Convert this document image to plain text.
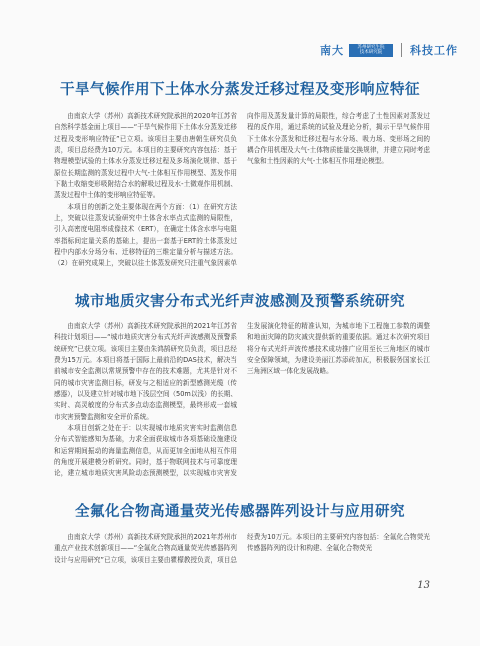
南大	苏州研究生院
技术研究院	科技工作
干旱气候作用下土体水分蒸发迁移过程及变形响应特征

由南京大学（苏州）高新技术研究院承担的2020年江苏省自然科学基金面上项目——“干旱气候作用下土体水分蒸发迁移过程及变形响应特征”已立项。该项目主要由唐朝生研究员负责，项目总经费为10万元。本项目的主要研究内容包括：基于物理模型试验的土体水分蒸发迁移过程及多场演化规律、基于原位长期监测的蒸发过程中大气-土体相互作用模型、蒸发作用下黏土收缩变形吸附结合水的解吸过程及水-土微观作用机制、蒸发过程中土体的变形响应特征等。

本项目的创新之处主要体现在两个方面：（1）在研究方法上，突破以往蒸发试验研究中土体含水率点式监测的局限性，引入高密度电阻率成像技术（ERT），在确定土体含水率与电阻率指标间定量关系的基础上，提出一套基于ERT的土体蒸发过程中内部水分场分布、迁移特征的三维定量分析与描述方法。（2）在研究成果上，突破以往土体蒸发研究只注重气象因素单向作用及蒸发量计算的局限性，综合考虑了土性因素对蒸发过程的反作用，通过系统的试验及理论分析，揭示干旱气候作用下土体水分蒸发和迁移过程与水分场、吸力场、变形场之间的耦合作用机理及大气-土体物质能量交换规律，并建立同时考虑气象和土性因素的大气-土体相互作用理论模型。

城市地质灾害分布式光纤声波感测及预警系统研究

由南京大学（苏州）高新技术研究院承担的2021年江苏省科技计划项目——“城市地质灾害分布式光纤声波感测及预警系统研究”已获立项。该项目主要由朱鸿鹄研究员负责，项目总经费为15万元。本项目将基于国际上最前沿的DAS技术，解决当前城市安全监测以常规预警中存在的技术难题，尤其是针对不同的城市灾害监测目标，研发与之相适应的新型感测光缆（传感器），以及建立针对城市地下浅层空间（50m以浅）的长期、实时、高灵敏度的分布式多点动态监测模型，最终形成一套城市灾害预警监测和安全评价系统。

本项目创新之处在于：以实现城市地质灾害实时监测信息分布式智能感知为基础，力求全面获取城市各项基础设施建设和运营期间振动的海量监测信息，从而更加全面地从相互作用的角度开展建模分析研究。同时，基于物联网技术与可靠度理论，建立城市地质灾害风险动态预测模型，以实现城市灾害发生发展演化特征的精准认知，为城市地下工程施工参数的调整和地面灾障的防灾减灾提供新的重要依据。通过本次研究项目将分布式光纤声波传感技术成功推广应用至长三角地区的城市安全保障领域，为建设美丽江苏添砖加瓦，积极服务国家长江三角洲区域一体化发展战略。

全氟化合物高通量荧光传感器阵列设计与应用研究

由南京大学（苏州）高新技术研究院承担的2021年苏州市重点产业技术创新项目——“全氟化合物高通量荧光传感器阵列设计与应用研究”已立项，该项目主要由瞿檬教授负责，项目总经费为10万元。本项目的主要研究内容包括：全氟化合物荧光传感器阵列的设计和构建、全氟化合物荧光

13
